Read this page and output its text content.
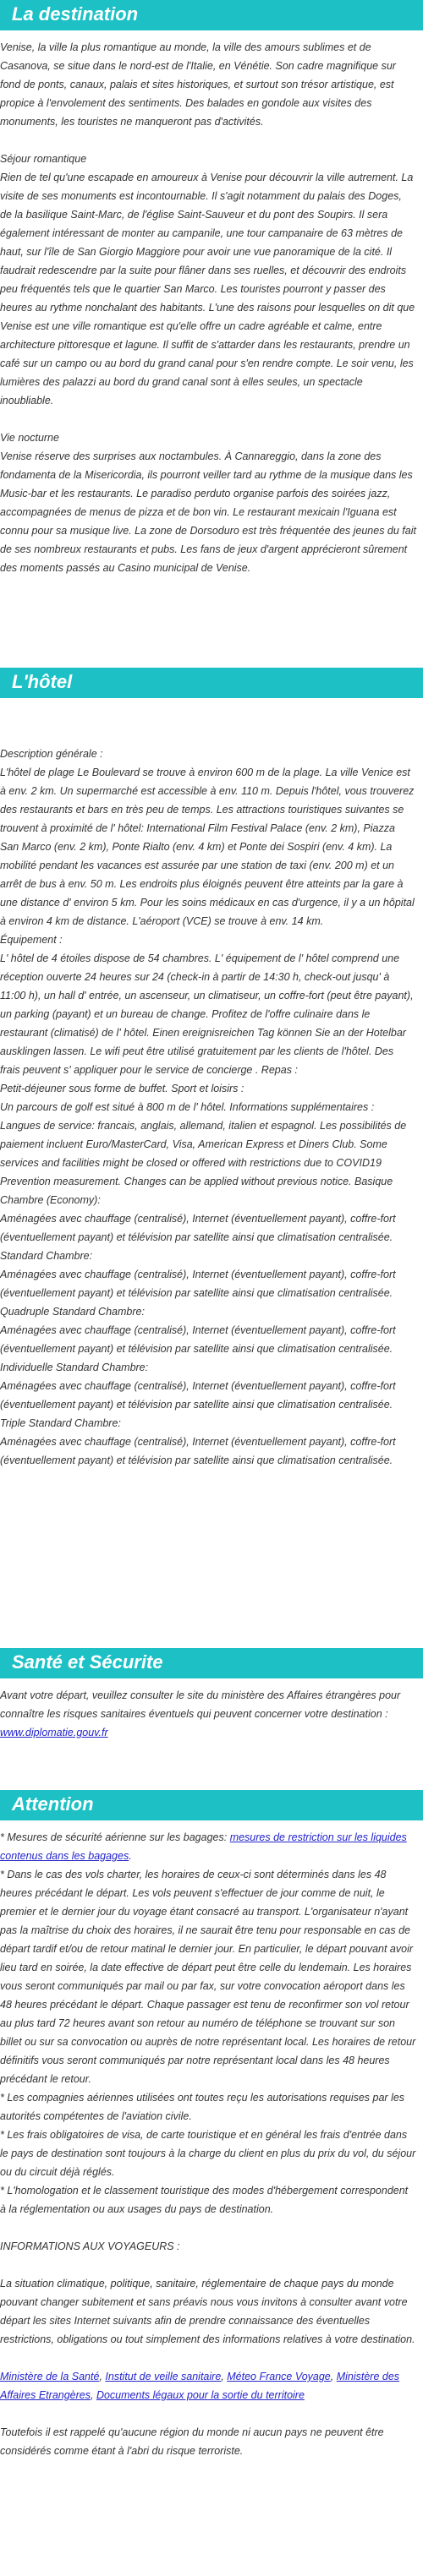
La destination

Venise, la ville la plus romantique au monde, la ville des amours sublimes et de Casanova, se situe dans le nord-est de l'Italie, en Vénétie. Son cadre magnifique sur fond de ponts, canaux, palais et sites historiques, et surtout son trésor artistique, est propice à l'envolement des sentiments. Des balades en gondole aux visites des monuments, les touristes ne manqueront pas d'activités.

Séjour romantique

Rien de tel qu'une escapade en amoureux à Venise pour découvrir la ville autrement. La visite de ses monuments est incontournable. Il s'agit notamment du palais des Doges, de la basilique Saint-Marc, de l'église Saint-Sauveur et du pont des Soupirs. Il sera également intéressant de monter au campanile, une tour campanaire de 63 mètres de haut, sur l'île de San Giorgio Maggiore pour avoir une vue panoramique de la cité. Il faudrait redescendre par la suite pour flâner dans ses ruelles, et découvrir des endroits peu fréquentés tels que le quartier San Marco. Les touristes pourront y passer des heures au rythme nonchalant des habitants. L'une des raisons pour lesquelles on dit que Venise est une ville romantique est qu'elle offre un cadre agréable et calme, entre architecture pittoresque et lagune. Il suffit de s'attarder dans les restaurants, prendre un café sur un campo ou au bord du grand canal pour s'en rendre compte. Le soir venu, les lumières des palazzi au bord du grand canal sont à elles seules, un spectacle inoubliable.

Vie nocturne

Venise réserve des surprises aux noctambules. À Cannareggio, dans la zone des fondamenta de la Misericordia, ils pourront veiller tard au rythme de la musique dans les Music-bar et les restaurants. Le paradiso perduto organise parfois des soirées jazz, accompagnées de menus de pizza et de bon vin. Le restaurant mexicain l'Iguana est connu pour sa musique live. La zone de Dorsoduro est très fréquentée des jeunes du fait de ses nombreux restaurants et pubs. Les fans de jeux d'argent apprécieront sûrement des moments passés au Casino municipal de Venise.

L'hôtel

Description générale :
L'hôtel de plage Le Boulevard se trouve à environ 600 m de la plage. La ville Venice est à env. 2 km. Un supermarché est accessible à env. 110 m. Depuis l'hôtel, vous trouverez des restaurants et bars en très peu de temps. Les attractions touristiques suivantes se trouvent à proximité de l' hôtel: International Film Festival Palace (env. 2 km), Piazza San Marco (env. 2 km), Ponte Rialto (env. 4 km) et Ponte dei Sospiri (env. 4 km). La mobilité pendant les vacances est assurée par une station de taxi (env. 200 m) et un arrêt de bus à env. 50 m. Les endroits plus éloignés peuvent être atteints par la gare à une distance d' environ 5 km. Pour les soins médicaux en cas d'urgence, il y a un hôpital à environ 4 km de distance. L'aéroport (VCE) se trouve à env. 14 km.
Équipement :
L' hôtel de 4 étoiles dispose de 54 chambres. L' équipement de l' hôtel comprend une réception ouverte 24 heures sur 24 (check-in à partir de 14:30 h, check-out jusqu' à 11:00 h), un hall d' entrée, un ascenseur, un climatiseur, un coffre-fort (peut être payant), un parking (payant) et un bureau de change. Profitez de l'offre culinaire dans le restaurant (climatisé) de l' hôtel. Einen ereignisreichen Tag können Sie an der Hotelbar ausklingen lassen. Le wifi peut être utilisé gratuitement par les clients de l'hôtel. Des frais peuvent s' appliquer pour le service de concierge . Repas :
Petit-déjeuner sous forme de buffet. Sport et loisirs :
Un parcours de golf est situé à 800 m de l' hôtel. Informations supplémentaires :
Langues de service: francais, anglais, allemand, italien et espagnol. Les possibilités de paiement incluent Euro/MasterCard, Visa, American Express et Diners Club. Some services and facilities might be closed or offered with restrictions due to COVID19 Prevention measurement. Changes can be applied without previous notice. Basique Chambre (Economy):
Aménagées avec chauffage (centralisé), Internet (éventuellement payant), coffre-fort (éventuellement payant) et télévision par satellite ainsi que climatisation centralisée. Standard Chambre:
Aménagées avec chauffage (centralisé), Internet (éventuellement payant), coffre-fort (éventuellement payant) et télévision par satellite ainsi que climatisation centralisée. Quadruple Standard Chambre:
Aménagées avec chauffage (centralisé), Internet (éventuellement payant), coffre-fort (éventuellement payant) et télévision par satellite ainsi que climatisation centralisée. Individuelle Standard Chambre:
Aménagées avec chauffage (centralisé), Internet (éventuellement payant), coffre-fort (éventuellement payant) et télévision par satellite ainsi que climatisation centralisée. Triple Standard Chambre:
Aménagées avec chauffage (centralisé), Internet (éventuellement payant), coffre-fort (éventuellement payant) et télévision par satellite ainsi que climatisation centralisée.

Santé et Sécurite

Avant votre départ, veuillez consulter le site du ministère des Affaires étrangères pour connaître les risques sanitaires éventuels qui peuvent concerner votre destination : www.diplomatie.gouv.fr

Attention

* Mesures de sécurité aérienne sur les bagages: mesures de restriction sur les liquides contenus dans les bagages.

* Dans le cas des vols charter, les horaires de ceux-ci sont déterminés dans les 48 heures précédant le départ. Les vols peuvent s'effectuer de jour comme de nuit, le premier et le dernier jour du voyage étant consacré au transport. L'organisateur n'ayant pas la maîtrise du choix des horaires, il ne saurait être tenu pour responsable en cas de départ tardif et/ou de retour matinal le dernier jour. En particulier, le départ pouvant avoir lieu tard en soirée, la date effective de départ peut être celle du lendemain. Les horaires vous seront communiqués par mail ou par fax, sur votre convocation aéroport dans les 48 heures précédant le départ. Chaque passager est tenu de reconfirmer son vol retour au plus tard 72 heures avant son retour au numéro de téléphone se trouvant sur son billet ou sur sa convocation ou auprès de notre représentant local. Les horaires de retour définitifs vous seront communiqués par notre représentant local dans les 48 heures précédant le retour.
* Les compagnies aériennes utilisées ont toutes reçu les autorisations requises par les autorités compétentes de l'aviation civile.
* Les frais obligatoires de visa, de carte touristique et en général les frais d'entrée dans le pays de destination sont toujours à la charge du client en plus du prix du vol, du séjour ou du circuit déjà réglés.
* L'homologation et le classement touristique des modes d'hébergement correspondent à la réglementation ou aux usages du pays de destination.

INFORMATIONS AUX VOYAGEURS :

La situation climatique, politique, sanitaire, réglementaire de chaque pays du monde pouvant changer subitement et sans préavis nous vous invitons à consulter avant votre départ les sites Internet suivants afin de prendre connaissance des éventuelles restrictions, obligations ou tout simplement des informations relatives à votre destination.

Ministère de la Santé, Institut de veille sanitaire, Méteo France Voyage, Ministère des Affaires Etrangères, Documents légaux pour la sortie du territoire

Toutefois il est rappelé qu'aucune région du monde ni aucun pays ne peuvent être considérés comme étant à l'abri du risque terroriste.
